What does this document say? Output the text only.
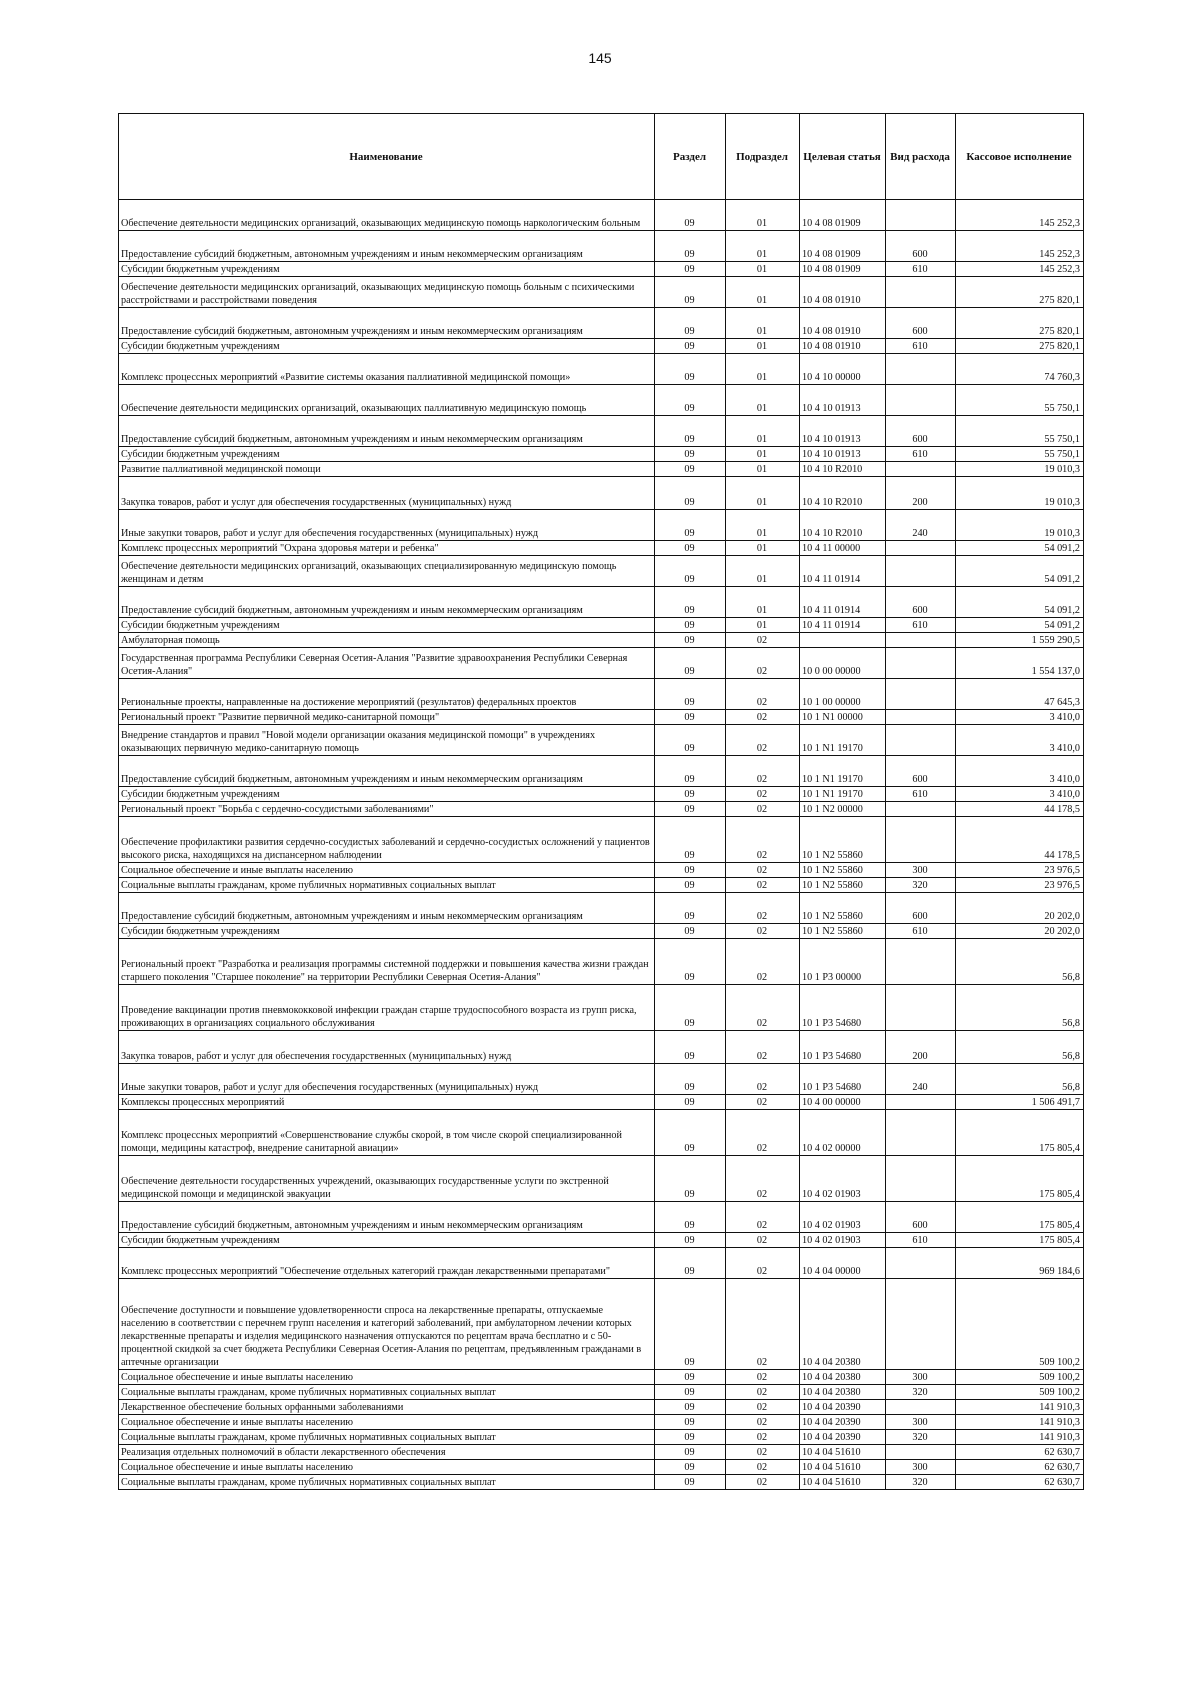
145
Наименование	Раздел	Подраздел	Целевая статья	Вид расхода	Кассовое исполнение
Обеспечение деятельности медицинских организаций, оказывающих медицинскую помощь наркологическим больным	09	01	10 4 08 01909		145 252,3
Предоставление субсидий бюджетным, автономным учреждениям и иным некоммерческим организациям	09	01	10 4 08 01909	600	145 252,3
Субсидии бюджетным учреждениям	09	01	10 4 08 01909	610	145 252,3
Обеспечение деятельности медицинских организаций, оказывающих медицинскую помощь больным с психическими расстройствами и расстройствами поведения	09	01	10 4 08 01910		275 820,1
Предоставление субсидий бюджетным, автономным учреждениям и иным некоммерческим организациям	09	01	10 4 08 01910	600	275 820,1
Субсидии бюджетным учреждениям	09	01	10 4 08 01910	610	275 820,1
Комплекс процессных мероприятий «Развитие системы оказания паллиативной медицинской помощи»	09	01	10 4 10 00000		74 760,3
Обеспечение деятельности медицинских организаций, оказывающих паллиативную медицинскую помощь	09	01	10 4 10 01913		55 750,1
Предоставление субсидий бюджетным, автономным учреждениям и иным некоммерческим организациям	09	01	10 4 10 01913	600	55 750,1
Субсидии бюджетным учреждениям	09	01	10 4 10 01913	610	55 750,1
Развитие паллиативной медицинской помощи	09	01	10 4 10 R2010		19 010,3
Закупка товаров, работ и услуг для обеспечения государственных (муниципальных) нужд	09	01	10 4 10 R2010	200	19 010,3
Иные закупки товаров, работ и услуг для обеспечения государственных (муниципальных) нужд	09	01	10 4 10 R2010	240	19 010,3
Комплекс процессных мероприятий "Охрана здоровья матери и ребенка"	09	01	10 4 11 00000		54 091,2
Обеспечение деятельности медицинских организаций, оказывающих специализированную медицинскую помощь женщинам и детям	09	01	10 4 11 01914		54 091,2
Предоставление субсидий бюджетным, автономным учреждениям и иным некоммерческим организациям	09	01	10 4 11 01914	600	54 091,2
Субсидии бюджетным учреждениям	09	01	10 4 11 01914	610	54 091,2
Амбулаторная помощь	09	02			1 559 290,5
Государственная программа Республики Северная Осетия-Алания "Развитие здравоохранения Республики Северная Осетия-Алания"	09	02	10 0 00 00000		1 554 137,0
Региональные проекты, направленные на достижение мероприятий (результатов) федеральных проектов	09	02	10 1 00 00000		47 645,3
Региональный проект "Развитие первичной медико-санитарной помощи"	09	02	10 1 N1 00000		3 410,0
Внедрение стандартов и правил "Новой модели организации оказания медицинской помощи" в учреждениях оказывающих первичную медико-санитарную помощь	09	02	10 1 N1 19170		3 410,0
Предоставление субсидий бюджетным, автономным учреждениям и иным некоммерческим организациям	09	02	10 1 N1 19170	600	3 410,0
Субсидии бюджетным учреждениям	09	02	10 1 N1 19170	610	3 410,0
Региональный проект "Борьба с сердечно-сосудистыми заболеваниями"	09	02	10 1 N2 00000		44 178,5
Обеспечение профилактики развития сердечно-сосудистых заболеваний и сердечно-сосудистых осложнений у пациентов высокого риска, находящихся на диспансерном наблюдении	09	02	10 1 N2 55860		44 178,5
Социальное обеспечение и иные выплаты населению	09	02	10 1 N2 55860	300	23 976,5
Социальные выплаты гражданам, кроме публичных нормативных социальных выплат	09	02	10 1 N2 55860	320	23 976,5
Предоставление субсидий бюджетным, автономным учреждениям и иным некоммерческим организациям	09	02	10 1 N2 55860	600	20 202,0
Субсидии бюджетным учреждениям	09	02	10 1 N2 55860	610	20 202,0
Региональный проект "Разработка и реализация программы системной поддержки и повышения качества жизни граждан старшего поколения "Старшее поколение" на территории Республики Северная Осетия-Алания"	09	02	10 1 P3 00000		56,8
Проведение вакцинации против пневмококковой инфекции граждан старше трудоспособного возраста из групп риска, проживающих в организациях социального обслуживания	09	02	10 1 P3 54680		56,8
Закупка товаров, работ и услуг для обеспечения государственных (муниципальных) нужд	09	02	10 1 P3 54680	200	56,8
Иные закупки товаров, работ и услуг для обеспечения государственных (муниципальных) нужд	09	02	10 1 P3 54680	240	56,8
Комплексы процессных мероприятий	09	02	10 4 00 00000		1 506 491,7
Комплекс процессных мероприятий «Совершенствование службы скорой, в том числе скорой специализированной помощи, медицины катастроф, внедрение санитарной авиации»	09	02	10 4 02 00000		175 805,4
Обеспечение деятельности государственных учреждений, оказывающих государственные услуги по экстренной медицинской помощи и медицинской эвакуации	09	02	10 4 02 01903		175 805,4
Предоставление субсидий бюджетным, автономным учреждениям и иным некоммерческим организациям	09	02	10 4 02 01903	600	175 805,4
Субсидии бюджетным учреждениям	09	02	10 4 02 01903	610	175 805,4
Комплекс процессных мероприятий "Обеспечение отдельных категорий граждан лекарственными препаратами"	09	02	10 4 04 00000		969 184,6
Обеспечение доступности и повышение удовлетворенности спроса на лекарственные препараты, отпускаемые населению в соответствии с перечнем групп населения и категорий заболеваний, при амбулаторном лечении которых лекарственные препараты и изделия медицинского назначения отпускаются по рецептам врача бесплатно и с 50-процентной скидкой за счет бюджета Республики Северная Осетия-Алания по рецептам, предъявленным гражданами в аптечные организации	09	02	10 4 04 20380		509 100,2
Социальное обеспечение и иные выплаты населению	09	02	10 4 04 20380	300	509 100,2
Социальные выплаты гражданам, кроме публичных нормативных социальных выплат	09	02	10 4 04 20380	320	509 100,2
Лекарственное обеспечение больных орфанными заболеваниями	09	02	10 4 04 20390		141 910,3
Социальное обеспечение и иные выплаты населению	09	02	10 4 04 20390	300	141 910,3
Социальные выплаты гражданам, кроме публичных нормативных социальных выплат	09	02	10 4 04 20390	320	141 910,3
Реализация отдельных полномочий в области лекарственного обеспечения	09	02	10 4 04 51610		62 630,7
Социальное обеспечение и иные выплаты населению	09	02	10 4 04 51610	300	62 630,7
Социальные выплаты гражданам, кроме публичных нормативных социальных выплат	09	02	10 4 04 51610	320	62 630,7
